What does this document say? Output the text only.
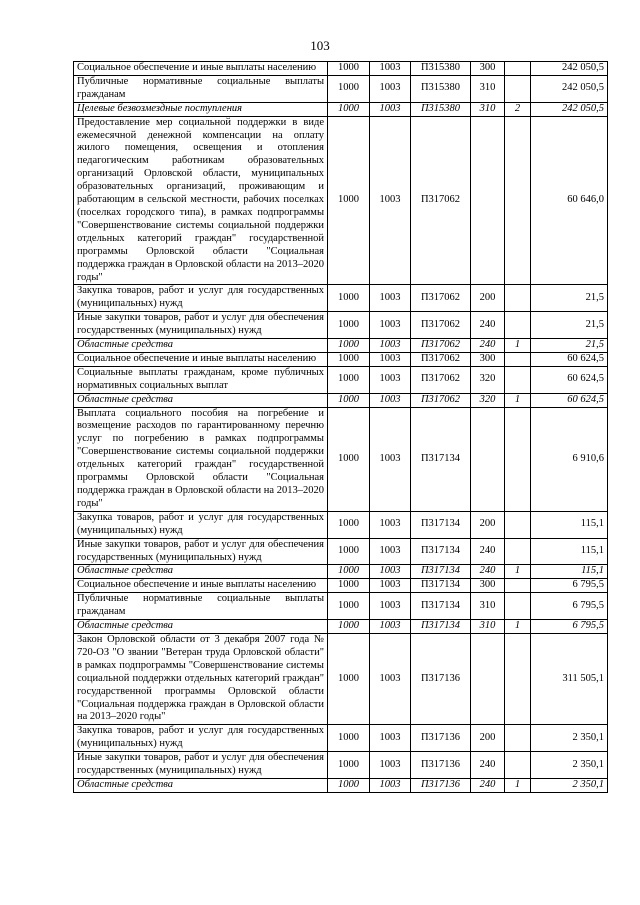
103
Социальное обеспечение и иные выплаты населению	1000	1003	П315380	300		242 050,5
Публичные нормативные социальные выплаты гражданам	1000	1003	П315380	310		242 050,5
Целевые безвозмездные поступления	1000	1003	П315380	310	2	242 050,5
Предоставление мер социальной поддержки в виде ежемесячной денежной компенсации на оплату жилого помещения, освещения и отопления педагогическим работникам образовательных организаций Орловской области, муниципальных образовательных организаций, проживающим и работающим в сельской местности, рабочих поселках (поселках городского типа), в рамках подпрограммы "Совершенствование системы социальной поддержки отдельных категорий граждан" государственной программы Орловской области "Социальная поддержка граждан в Орловской области на 2013–2020 годы"	1000	1003	П317062			60 646,0
Закупка товаров, работ и услуг для государственных (муниципальных) нужд	1000	1003	П317062	200		21,5
Иные закупки товаров, работ и услуг для обеспечения государственных (муниципальных) нужд	1000	1003	П317062	240		21,5
Областные средства	1000	1003	П317062	240	1	21,5
Социальное обеспечение и иные выплаты населению	1000	1003	П317062	300		60 624,5
Социальные выплаты гражданам, кроме публичных нормативных социальных выплат	1000	1003	П317062	320		60 624,5
Областные средства	1000	1003	П317062	320	1	60 624,5
Выплата социального пособия на погребение и возмещение расходов по гарантированному перечню услуг по погребению в рамках подпрограммы "Совершенствование системы социальной поддержки отдельных категорий граждан" государственной программы Орловской области "Социальная поддержка граждан в Орловской области на 2013–2020 годы"	1000	1003	П317134			6 910,6
Закупка товаров, работ и услуг для государственных (муниципальных) нужд	1000	1003	П317134	200		115,1
Иные закупки товаров, работ и услуг для обеспечения государственных (муниципальных) нужд	1000	1003	П317134	240		115,1
Областные средства	1000	1003	П317134	240	1	115,1
Социальное обеспечение и иные выплаты населению	1000	1003	П317134	300		6 795,5
Публичные нормативные социальные выплаты гражданам	1000	1003	П317134	310		6 795,5
Областные средства	1000	1003	П317134	310	1	6 795,5
Закон Орловской области от 3 декабря 2007 года № 720-ОЗ "О звании "Ветеран труда Орловской области" в рамках подпрограммы "Совершенствование системы социальной поддержки отдельных категорий граждан" государственной программы Орловской области "Социальная поддержка граждан в Орловской области на 2013–2020 годы"	1000	1003	П317136			311 505,1
Закупка товаров, работ и услуг для государственных (муниципальных) нужд	1000	1003	П317136	200		2 350,1
Иные закупки товаров, работ и услуг для обеспечения государственных (муниципальных) нужд	1000	1003	П317136	240		2 350,1
Областные средства	1000	1003	П317136	240	1	2 350,1
